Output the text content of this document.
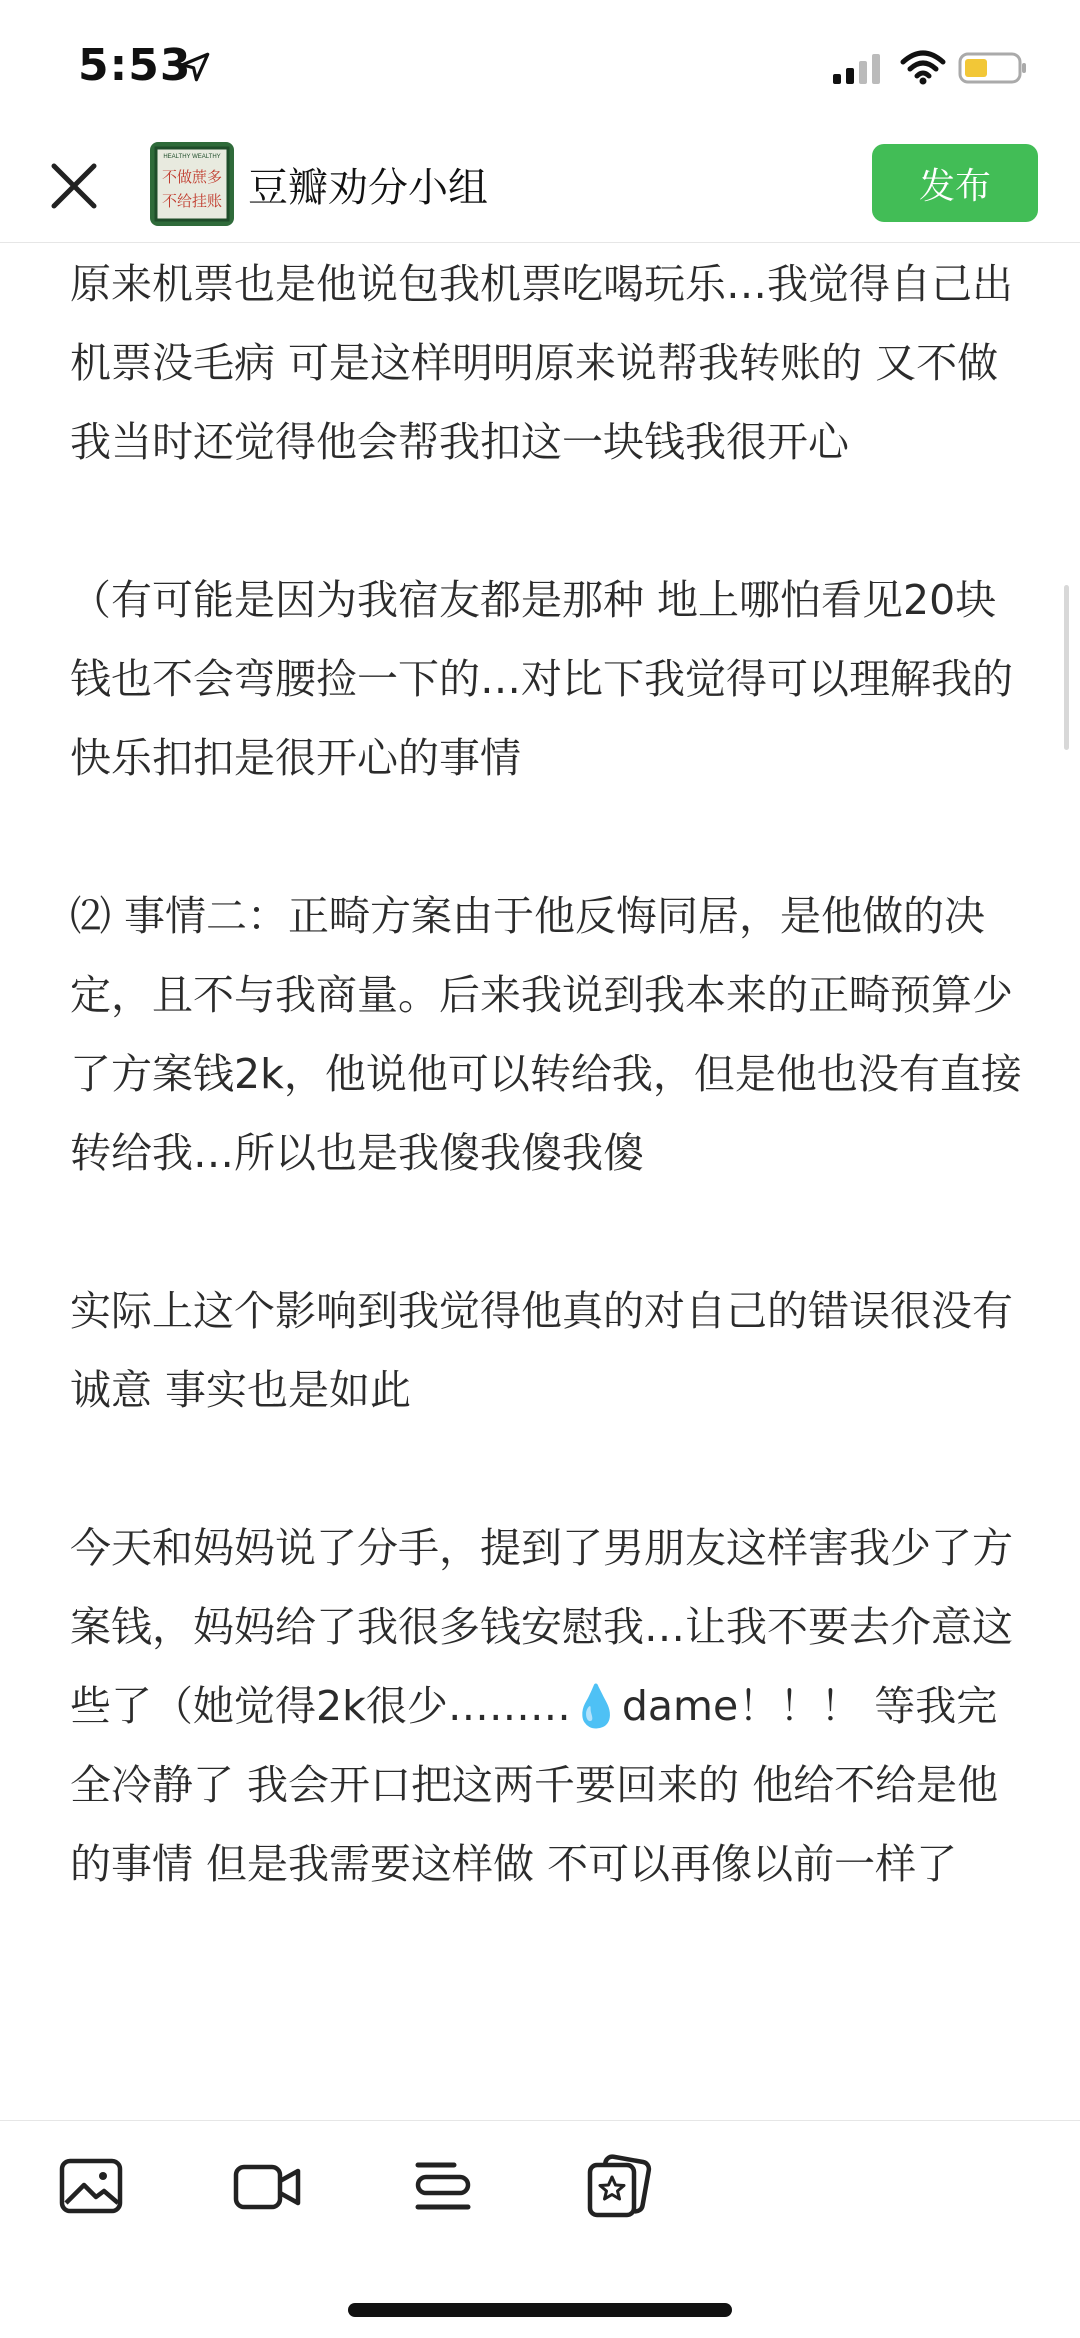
5:53
HEALTHY WEALTHY
不做蔗多
不给挂账 豆瓣劝分小组	发布

原来机票也是他说包我机票吃喝玩乐…我觉得自己出机票没毛病 可是这样明明原来说帮我转账的 又不做 我当时还觉得他会帮我扣这一块钱我很开心

（有可能是因为我宿友都是那种 地上哪怕看见20块钱也不会弯腰捡一下的…对比下我觉得可以理解我的快乐扣扣是很开心的事情

⑵ 事情二：正畸方案由于他反悔同居，是他做的决定，且不与我商量。后来我说到我本来的正畸预算少了方案钱2k，他说他可以转给我，但是他也没有直接转给我…所以也是我傻我傻我傻

实际上这个影响到我觉得他真的对自己的错误很没有诚意 事实也是如此

今天和妈妈说了分手，提到了男朋友这样害我少了方案钱，妈妈给了我很多钱安慰我…让我不要去介意这些了（她觉得2k很少………💧dame！！！ 等我完全冷静了 我会开口把这两千要回来的 他给不给是他的事情 但是我需要这样做 不可以再像以前一样了
